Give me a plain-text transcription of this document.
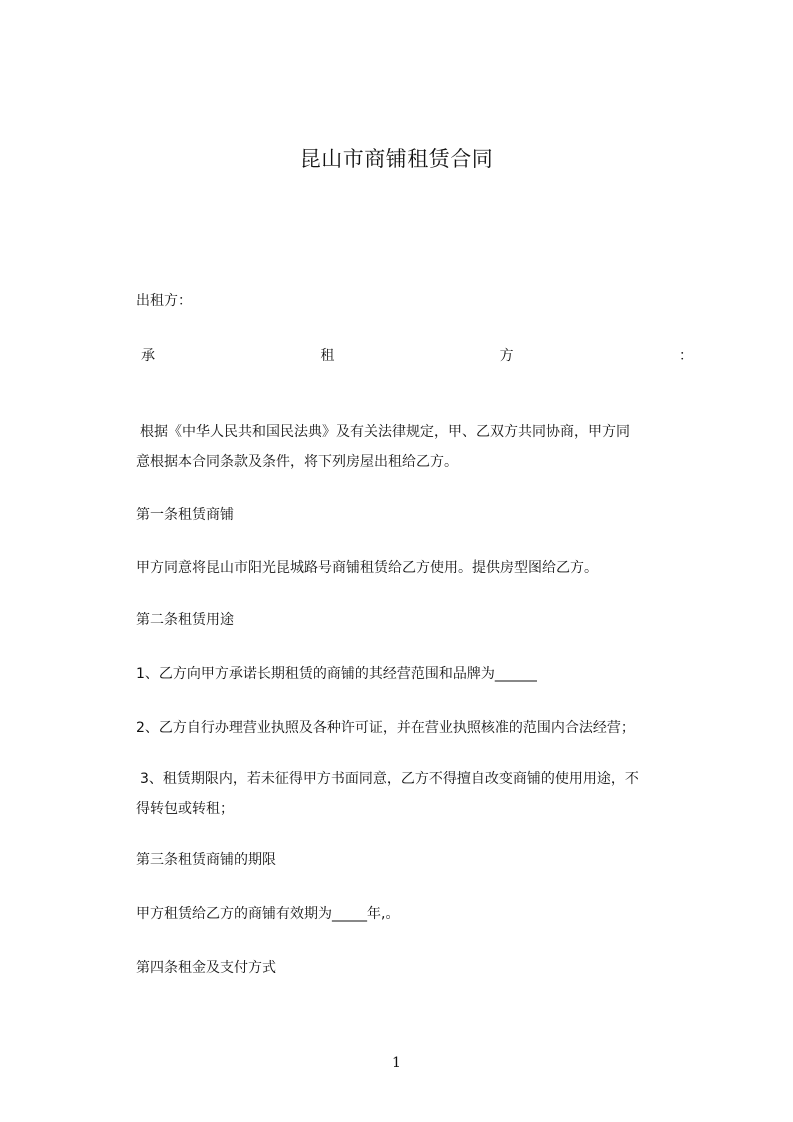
昆山市商铺租赁合同
出租方：
承	租	方	：
根据《中华人民共和国民法典》及有关法律规定，甲、乙双方共同协商，甲方同
意根据本合同条款及条件，将下列房屋出租给乙方。
第一条租赁商铺
甲方同意将昆山市阳光昆城路号商铺租赁给乙方使用。提供房型图给乙方。
第二条租赁用途
1、乙方向甲方承诺长期租赁的商铺的其经营范围和品牌为______
2、乙方自行办理营业执照及各种许可证，并在营业执照核准的范围内合法经营；
3、租赁期限内，若未征得甲方书面同意，乙方不得擅自改变商铺的使用用途，不
得转包或转租；
第三条租赁商铺的期限
甲方租赁给乙方的商铺有效期为_____年,。
第四条租金及支付方式
1
